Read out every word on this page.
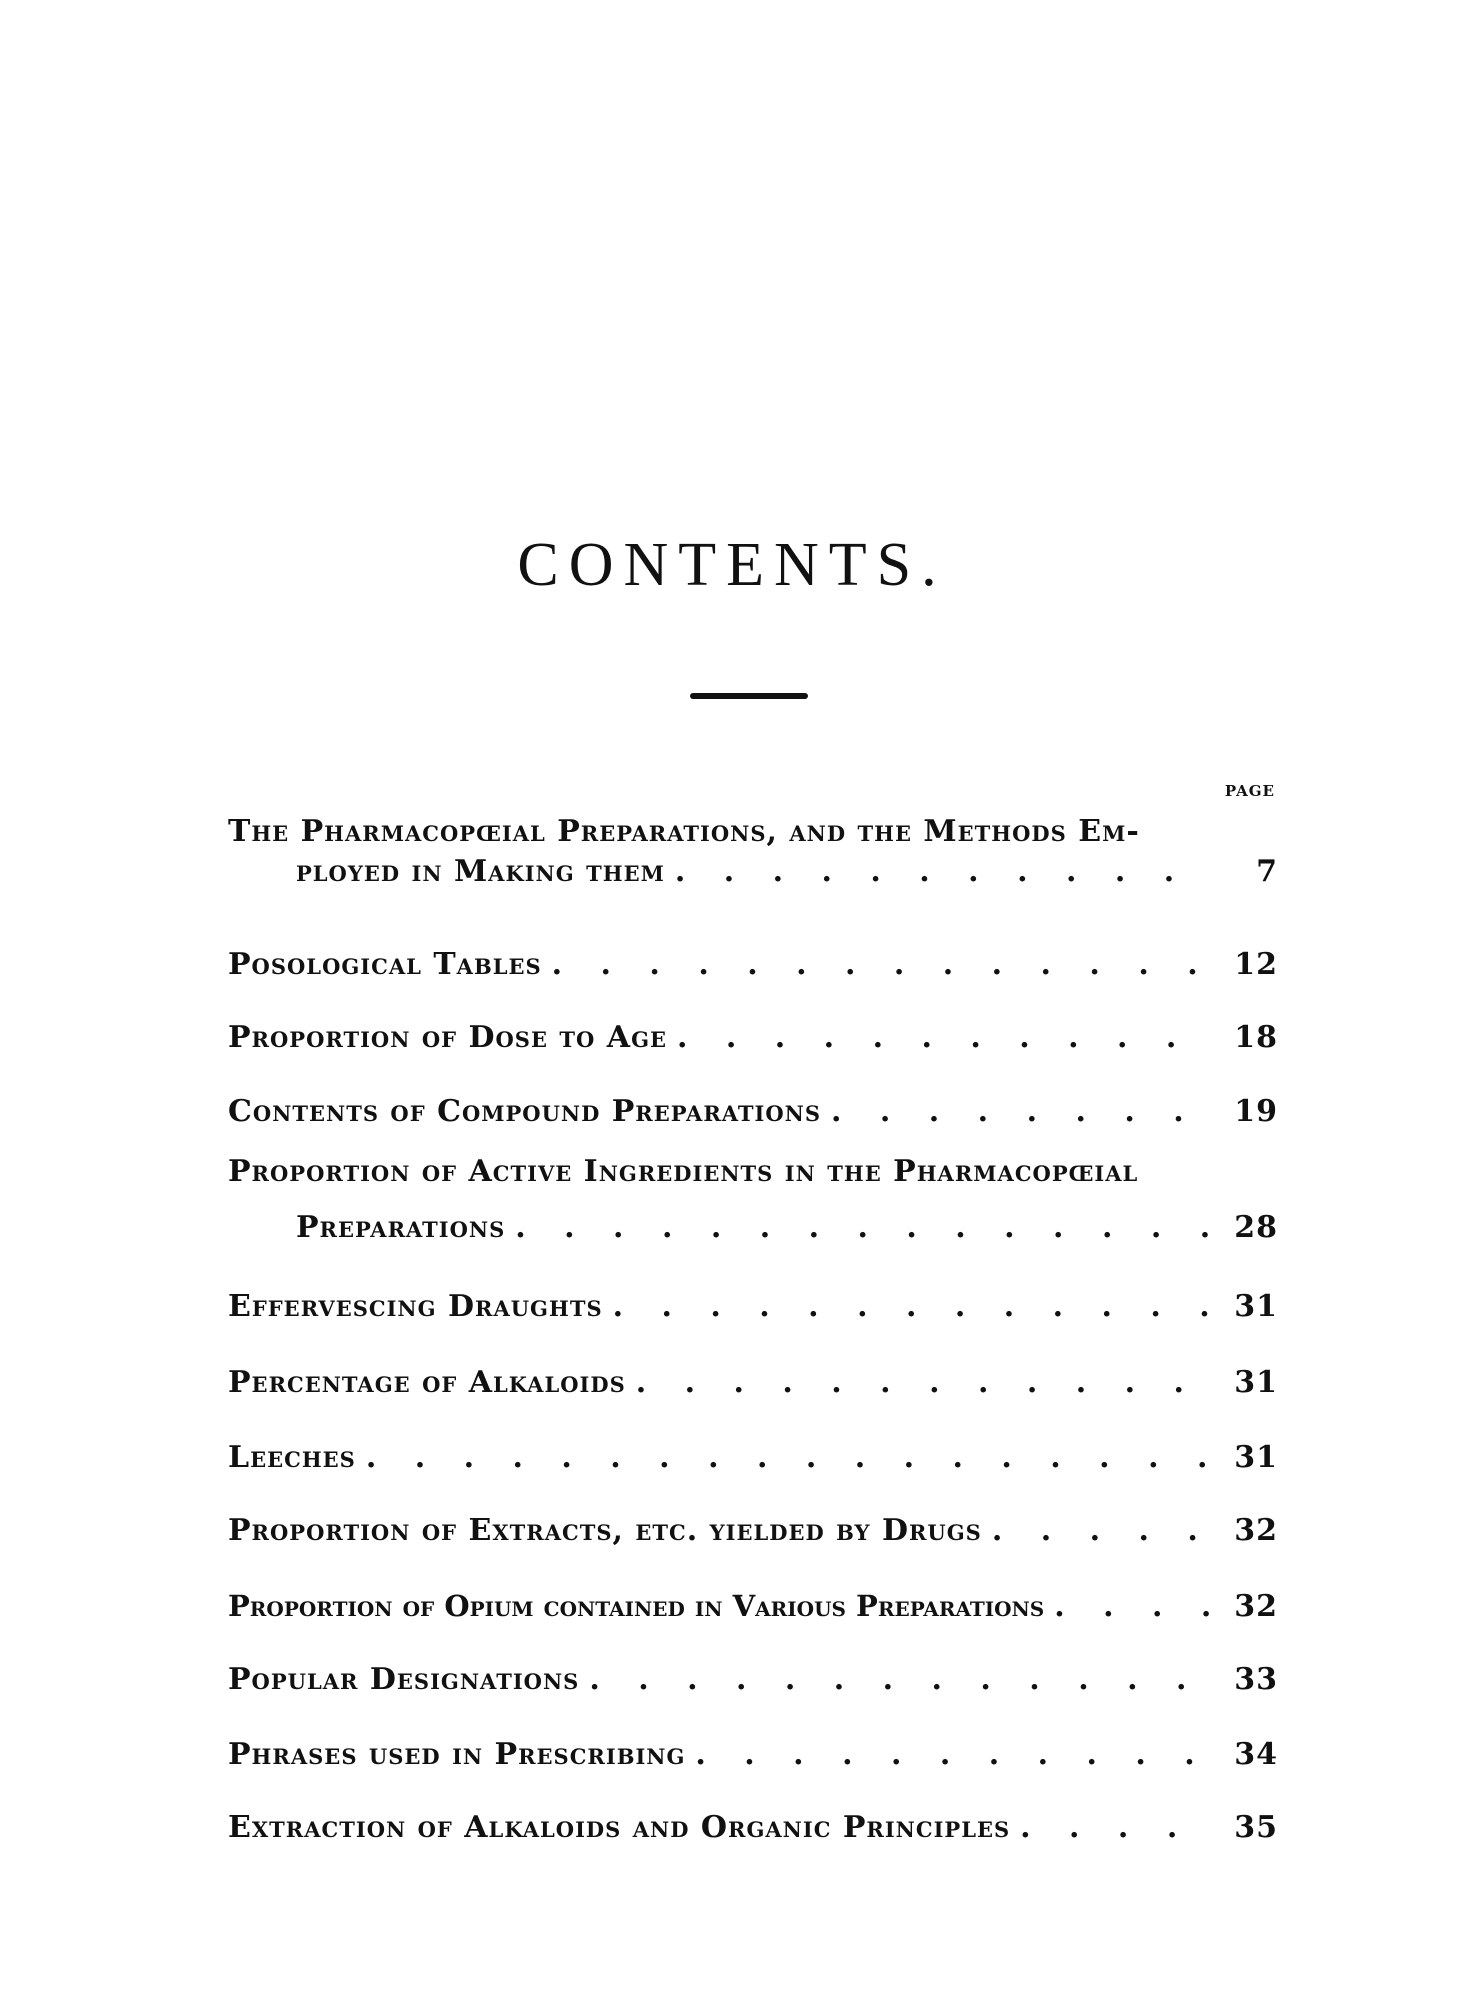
CONTENTS.
PAGE
The Pharmacopœial Preparations, and the Methods Em-
ployed in Making them . . .	7
Posological Tables . . .	12
Proportion of Dose to Age . . .	18
Contents of Compound Preparations . . .	19
Proportion of Active Ingredients in the Pharmacopœial
Preparations . . .	28
Effervescing Draughts . . .	31
Percentage of Alkaloids . . .	31
Leeches . . .	31
Proportion of Extracts, etc. yielded by Drugs . . .	32
Proportion of Opium contained in Various Preparations . . .	32
Popular Designations . . .	33
Phrases used in Prescribing . . .	34
Extraction of Alkaloids and Organic Principles . . .	35
